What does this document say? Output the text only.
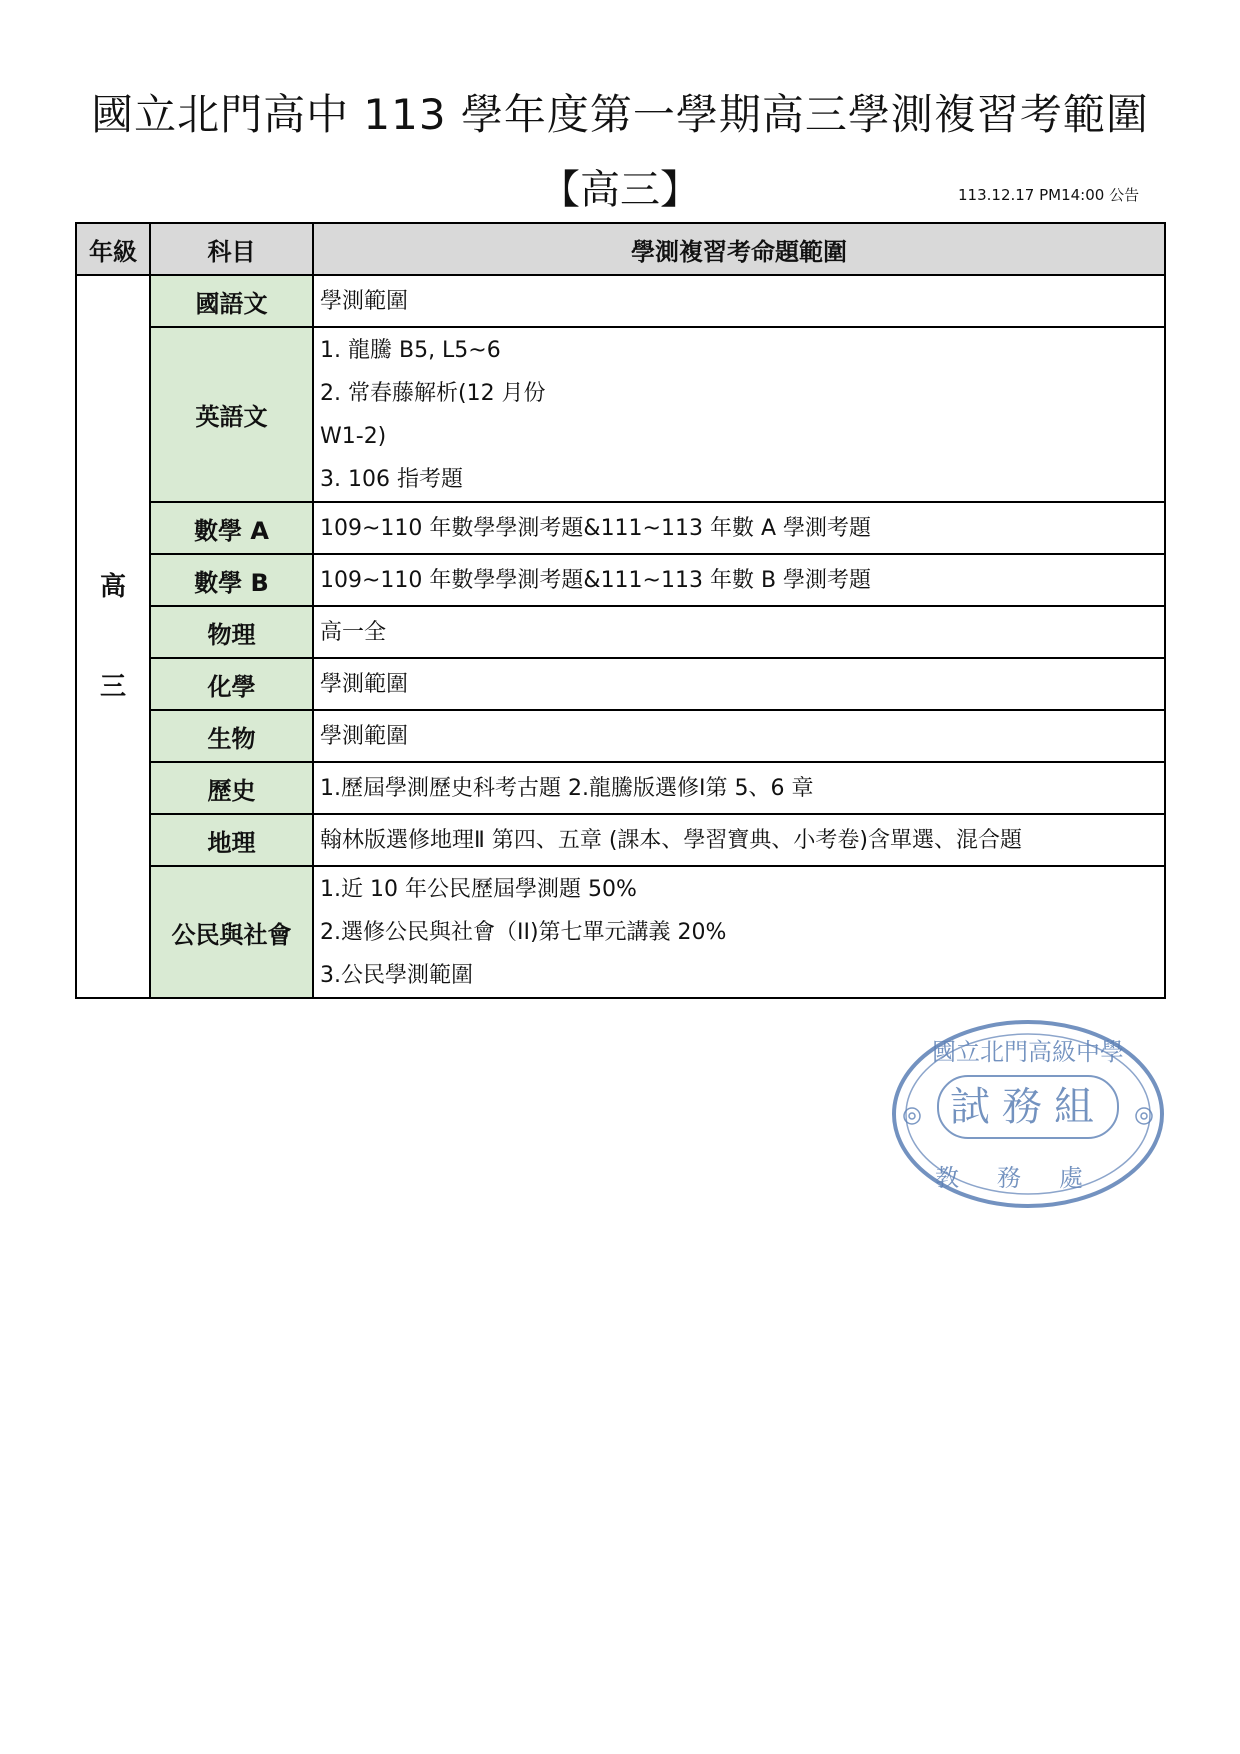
國立北門高中 113 學年度第一學期高三學測複習考範圍
【高三】	113.12.17 PM14:00 公告
年級	科目	學測複習考命題範圍

高
三	國語文	學測範圍

	英語文	1. 龍騰 B5, L5~6
2. 常春藤解析(12 月份
W1-2)
3. 106 指考題

	數學 A	109~110 年數學學測考題&111~113 年數 A 學測考題

	數學 B	109~110 年數學學測考題&111~113 年數 B 學測考題

	物理	高一全

	化學	學測範圍

	生物	學測範圍

	歷史	1.歷屆學測歷史科考古題 2.龍騰版選修Ⅰ第 5、6 章

	地理	翰林版選修地理Ⅱ 第四、五章 (課本、學習寶典、小考卷)含單選、混合題

	公民與社會	1.近 10 年公民歷屆學測題 50%
2.選修公民與社會（II)第七單元講義 20%
3.公民學測範圍
國立北門高級中學
試務組
教務處
